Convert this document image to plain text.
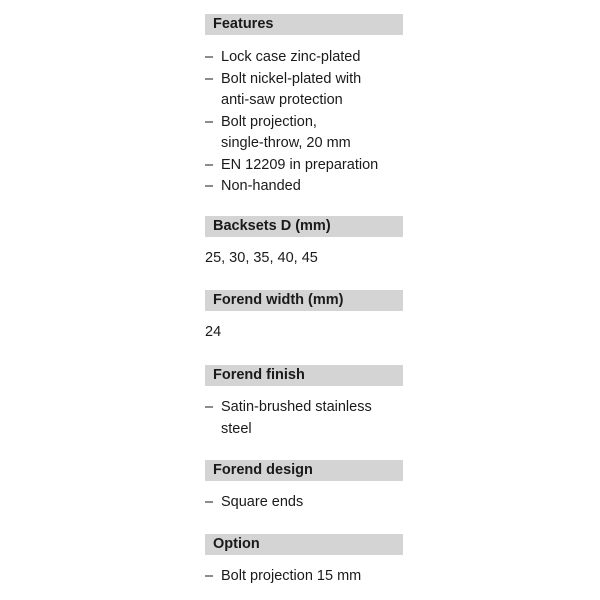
Features
– Lock case zinc-plated
– Bolt nickel-plated with
anti-saw protection
– Bolt projection,
single-throw, 20 mm
– EN 12209 in preparation
– Non-handed
Backsets D (mm)
25, 30, 35, 40, 45
Forend width (mm)
24
Forend finish
– Satin-brushed stainless
steel
Forend design
– Square ends
Option
– Bolt projection 15 mm
